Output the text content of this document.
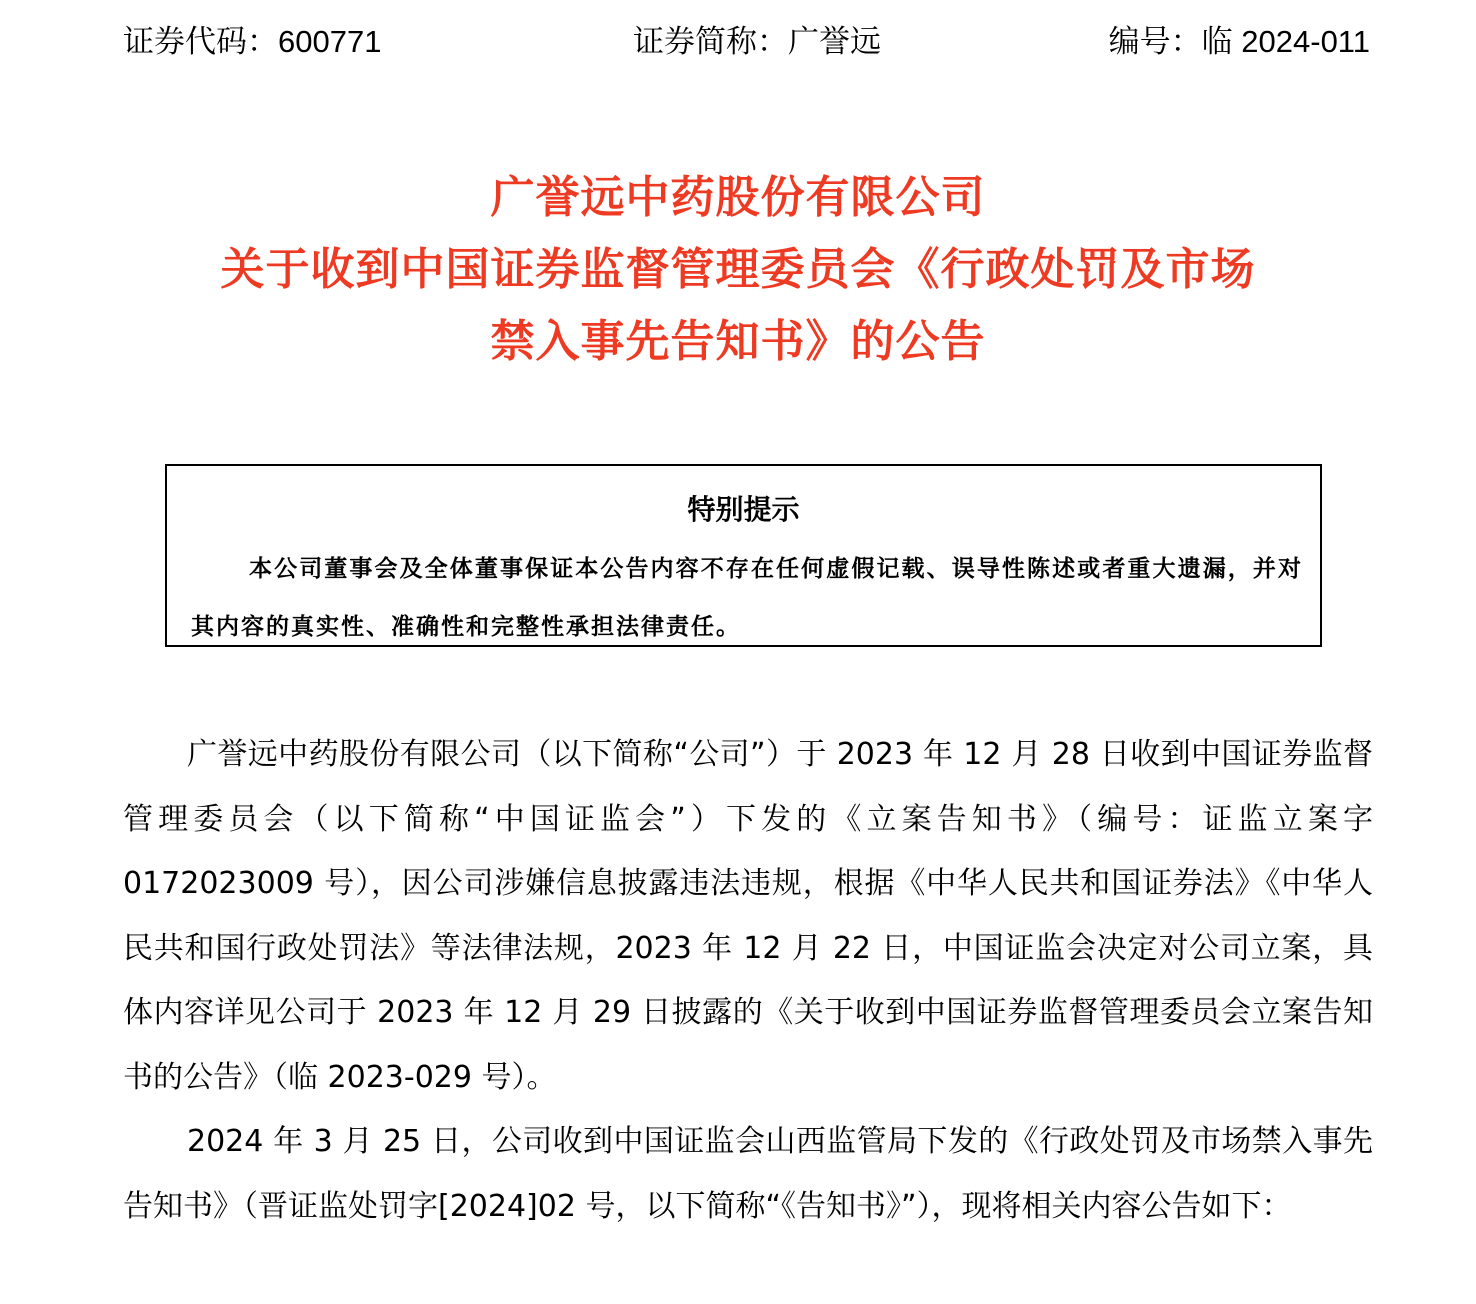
证券代码：600771	证券简称：广誉远	编号：临 2024-011
广誉远中药股份有限公司
关于收到中国证券监督管理委员会《行政处罚及市场
禁入事先告知书》的公告
特别提示
本公司董事会及全体董事保证本公告内容不存在任何虚假记载、误导性陈述或者重大遗漏，并对其内容的真实性、准确性和完整性承担法律责任。
广誉远中药股份有限公司（以下简称“公司”）于 2023 年 12 月 28 日收到中国证券监督管理委员会（以下简称“中国证监会”）下发的《立案告知书》（编号：证监立案字 0172023009 号），因公司涉嫌信息披露违法违规，根据《中华人民共和国证券法》《中华人民共和国行政处罚法》等法律法规，2023 年 12 月 22 日，中国证监会决定对公司立案，具体内容详见公司于 2023 年 12 月 29 日披露的《关于收到中国证券监督管理委员会立案告知书的公告》（临 2023-029 号）。
2024 年 3 月 25 日，公司收到中国证监会山西监管局下发的《行政处罚及市场禁入事先告知书》（晋证监处罚字[2024]02 号，以下简称“《告知书》”），现将相关内容公告如下：
